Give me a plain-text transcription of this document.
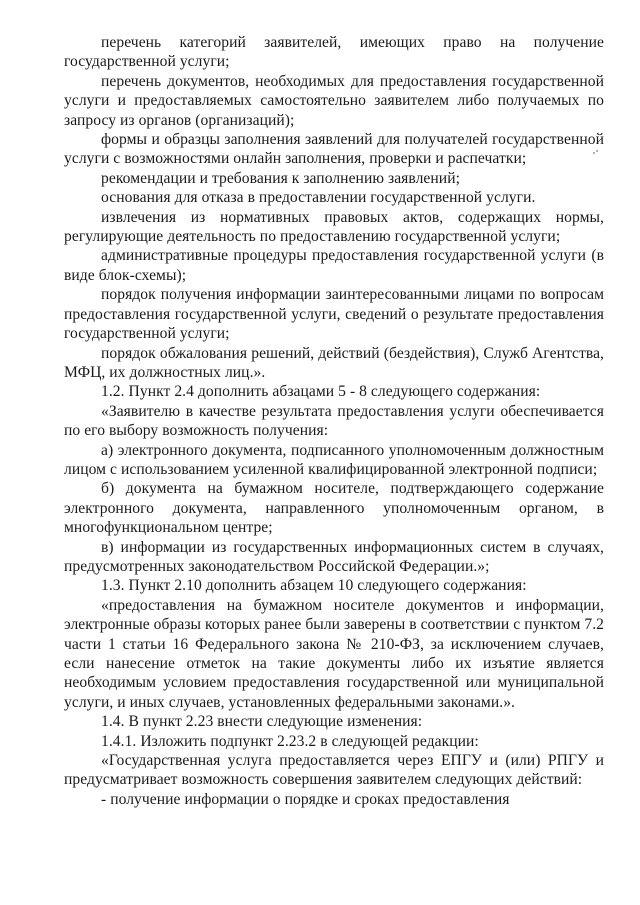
перечень категорий заявителей, имеющих право на получение государственной услуги;

перечень документов, необходимых для предоставления государственной услуги и предоставляемых самостоятельно заявителем либо получаемых по запросу из органов (организаций);

формы и образцы заполнения заявлений для получателей государственной услуги с возможностями онлайн заполнения, проверки и распечатки;

рекомендации и требования к заполнению заявлений;

основания для отказа в предоставлении государственной услуги.

извлечения из нормативных правовых актов, содержащих нормы, регулирующие деятельность по предоставлению государственной услуги;

административные процедуры предоставления государственной услуги (в виде блок-схемы);

порядок получения информации заинтересованными лицами по вопросам предоставления государственной услуги, сведений о результате предоставления государственной услуги;

порядок обжалования решений, действий (бездействия), Служб Агентства, МФЦ, их должностных лиц.».

1.2. Пункт 2.4 дополнить абзацами 5 - 8 следующего содержания:

«Заявителю в качестве результата предоставления услуги обеспечивается по его выбору возможность получения:

а) электронного документа, подписанного уполномоченным должностным лицом с использованием усиленной квалифицированной электронной подписи;

б) документа на бумажном носителе, подтверждающего содержание электронного документа, направленного уполномоченным органом, в многофункциональном центре;

в) информации из государственных информационных систем в случаях, предусмотренных законодательством Российской Федерации.»;

1.3. Пункт 2.10 дополнить абзацем 10 следующего содержания:

«предоставления на бумажном носителе документов и информации, электронные образы которых ранее были заверены в соответствии с пунктом 7.2 части 1 статьи 16 Федерального закона № 210-ФЗ, за исключением случаев, если нанесение отметок на такие документы либо их изъятие является необходимым условием предоставления государственной или муниципальной услуги, и иных случаев, установленных федеральными законами.».

1.4. В пункт 2.23 внести следующие изменения:

1.4.1. Изложить подпункт 2.23.2 в следующей редакции:

«Государственная услуга предоставляется через ЕПГУ и (или) РПГУ и предусматривает возможность совершения заявителем следующих действий:

- получение информации о порядке и сроках предоставления
